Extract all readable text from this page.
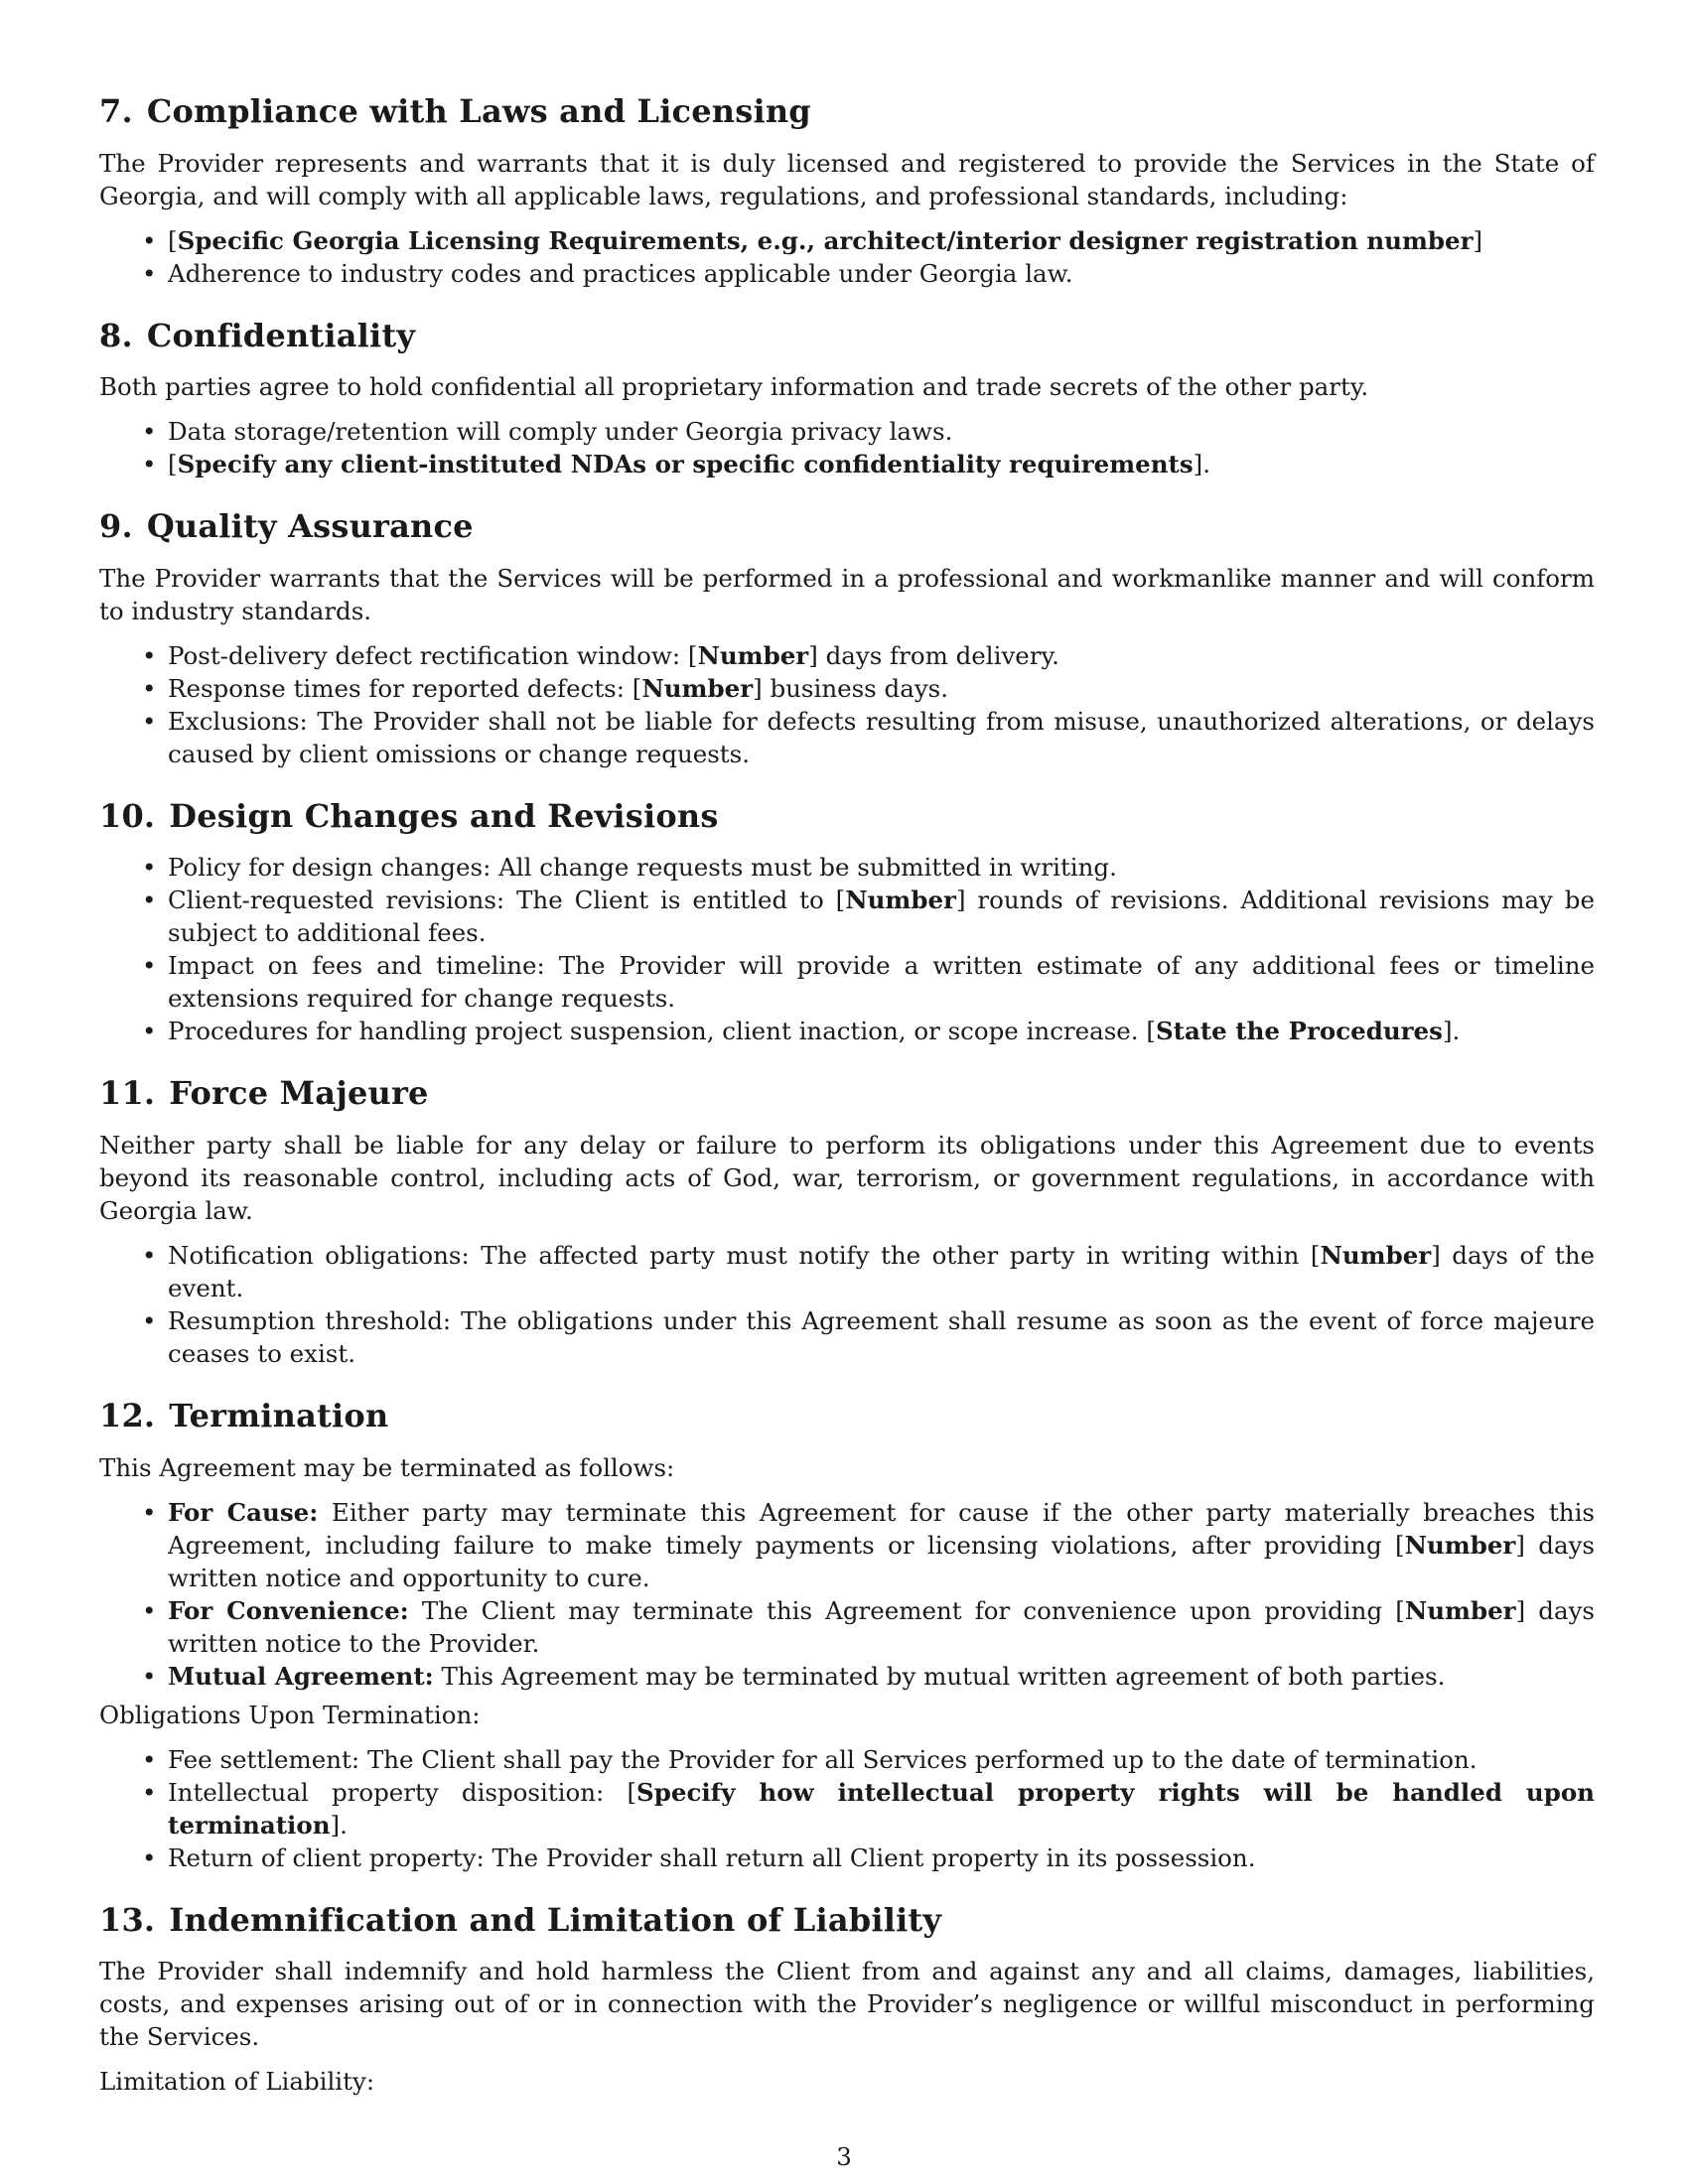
7. Compliance with Laws and Licensing

The Provider represents and warrants that it is duly licensed and registered to provide the Services in the State of Georgia, and will comply with all applicable laws, regulations, and professional standards, including:

• [Specific Georgia Licensing Requirements, e.g., architect/interior designer registration number]
• Adherence to industry codes and practices applicable under Georgia law.
8. Confidentiality

Both parties agree to hold confidential all proprietary information and trade secrets of the other party.

• Data storage/retention will comply under Georgia privacy laws.
• [Specify any client-instituted NDAs or specific confidentiality requirements].
9. Quality Assurance

The Provider warrants that the Services will be performed in a professional and workmanlike manner and will conform to industry standards.

• Post-delivery defect rectification window: [Number] days from delivery.
• Response times for reported defects: [Number] business days.
• Exclusions: The Provider shall not be liable for defects resulting from misuse, unauthorized alterations, or delays caused by client omissions or change requests.
10. Design Changes and Revisions
• Policy for design changes: All change requests must be submitted in writing.
• Client-requested revisions: The Client is entitled to [Number] rounds of revisions. Additional revisions may be subject to additional fees.
• Impact on fees and timeline: The Provider will provide a written estimate of any additional fees or timeline extensions required for change requests.
• Procedures for handling project suspension, client inaction, or scope increase. [State the Procedures].
11. Force Majeure

Neither party shall be liable for any delay or failure to perform its obligations under this Agreement due to events beyond its reasonable control, including acts of God, war, terrorism, or government regulations, in accordance with Georgia law.

• Notification obligations: The affected party must notify the other party in writing within [Number] days of the event.
• Resumption threshold: The obligations under this Agreement shall resume as soon as the event of force majeure ceases to exist.
12. Termination

This Agreement may be terminated as follows:

• For Cause: Either party may terminate this Agreement for cause if the other party materially breaches this Agreement, including failure to make timely payments or licensing violations, after providing [Number] days written notice and opportunity to cure.
• For Convenience: The Client may terminate this Agreement for convenience upon providing [Number] days written notice to the Provider.
• Mutual Agreement: This Agreement may be terminated by mutual written agreement of both parties.

Obligations Upon Termination:

• Fee settlement: The Client shall pay the Provider for all Services performed up to the date of termination.
• Intellectual property disposition: [Specify how intellectual property rights will be handled upon termination].
• Return of client property: The Provider shall return all Client property in its possession.
13. Indemnification and Limitation of Liability

The Provider shall indemnify and hold harmless the Client from and against any and all claims, damages, liabilities, costs, and expenses arising out of or in connection with the Provider’s negligence or willful misconduct in performing the Services.

Limitation of Liability:

3
